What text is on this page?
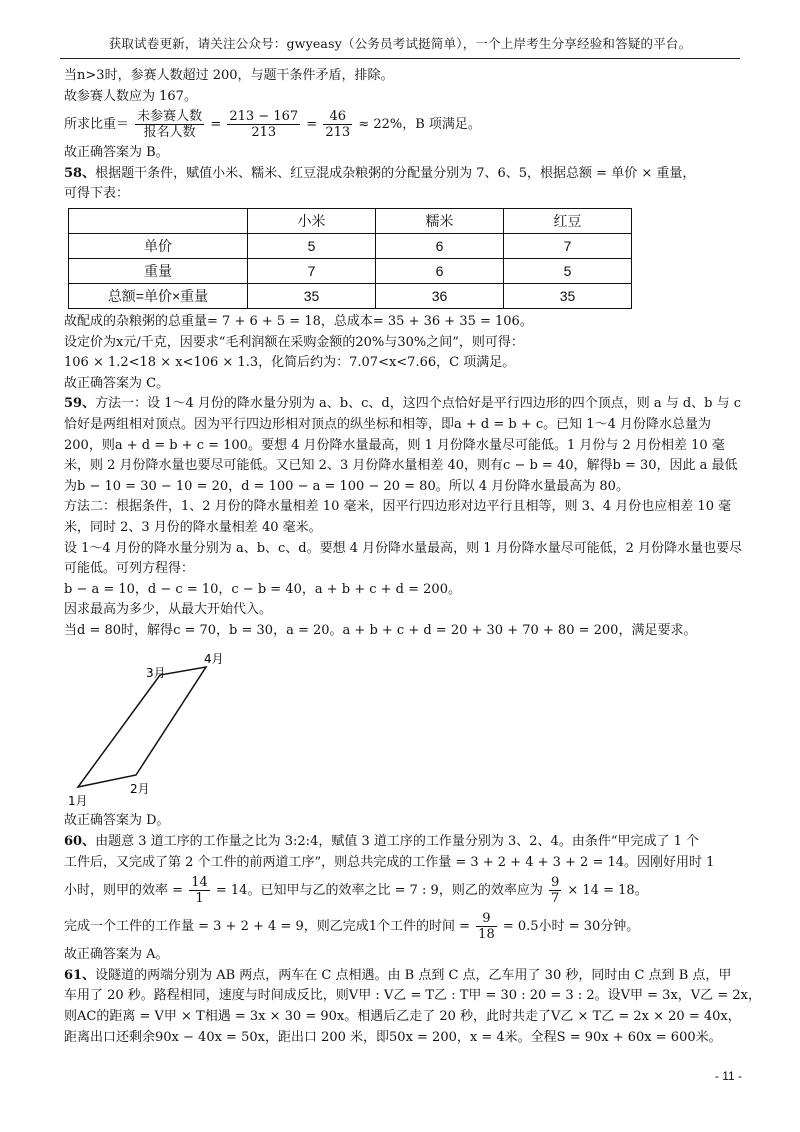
获取试卷更新，请关注公众号：gwyeasy（公务员考试挺简单），一个上岸考生分享经验和答疑的平台。

当n>3时，参赛人数超过 200，与题干条件矛盾，排除。

故参赛人数应为 167。

所求比重＝ $\frac{\text{未参赛人数}}{\text{报名人数}} = \frac{213 - 167}{213} = \frac{46}{213} \approx 22\%$，B 项满足。

故正确答案为 B。

58、根据题干条件，赋值小米、糯米、红豆混成杂粮粥的分配量分别为 7、6、5，根据总额 = 单价 × 重量，

可得下表：

	小米	糯米	红豆
单价	5	6	7
重量	7	6	5
总额=单价×重量	35	36	35

故配成的杂粮粥的总重量= 7 + 6 + 5 = 18，总成本= 35 + 36 + 35 = 106。

设定价为x元/千克，因要求“毛利润额在采购金额的20%与30%之间”，则可得：

106 × 1.2<18 × x<106 × 1.3，化简后约为：7.07<x<7.66，C 项满足。

故正确答案为 C。

59、方法一：设 1～4 月份的降水量分别为 a、b、c、d，这四个点恰好是平行四边形的四个顶点，则 a 与 d、b 与 c 恰好是两组相对顶点。因为平行四边形相对顶点的纵坐标和相等，即a + d = b + c。已知 1～4 月份降水总量为 200，则a + d = b + c = 100。要想 4 月份降水量最高，则 1 月份降水量尽可能低。1 月份与 2 月份相差 10 毫米，则 2 月份降水量也要尽可能低。又已知 2、3 月份降水量相差 40，则有c − b = 40，解得b = 30，因此 a 最低为b − 10 = 30 − 10 = 20，d = 100 − a = 100 − 20 = 80。所以 4 月份降水量最高为 80。

方法二：根据条件，1、2 月份的降水量相差 10 毫米，因平行四边形对边平行且相等，则 3、4 月份也应相差 10 毫米，同时 2、3 月份的降水量相差 40 毫米。

设 1～4 月份的降水量分别为 a、b、c、d。要想 4 月份降水量最高，则 1 月份降水量尽可能低，2 月份降水量也要尽可能低。可列方程得：

b − a = 10，d − c = 10，c − b = 40，a + b + c + d = 200。

因求最高为多少，从最大开始代入。

当d = 80时，解得c = 70，b = 30，a = 20。a + b + c + d = 20 + 30 + 70 + 80 = 200，满足要求。

1月
2月
3月
4月

故正确答案为 D。

60、由题意 3 道工序的工作量之比为 3:2:4，赋值 3 道工序的工作量分别为 3、2、4。由条件“甲完成了 1 个

工件后，又完成了第 2 个工件的前两道工序”，则总共完成的工作量 = 3 + 2 + 4 + 3 + 2 = 14。因刚好用时 1

小时，则甲的效率 = $\frac{14}{1} = 14$。已知甲与乙的效率之比 = 7 : 9，则乙的效率应为 $\frac{9}{7} \times 14 = 18$。

完成一个工件的工作量 = 3 + 2 + 4 = 9，则乙完成1个工件的时间 = $\frac{9}{18} = 0.5$小时 = 30分钟。

故正确答案为 A。

61、设隧道的两端分别为 AB 两点，两车在 C 点相遇。由 B 点到 C 点，乙车用了 30 秒，同时由 C 点到 B 点，甲

车用了 20 秒。路程相同，速度与时间成反比，则V甲 : V乙 = T乙 : T甲 = 30 : 20 = 3 : 2。设V甲 = 3x，V乙 = 2x，

则AC的距离 = V甲 × T相遇 = 3x × 30 = 90x。相遇后乙走了 20 秒，此时共走了V乙 × T乙 = 2x × 20 = 40x，

距离出口还剩余90x − 40x = 50x，距出口 200 米，即50x = 200，x = 4米。全程S = 90x + 60x = 600米。

- 11 -
